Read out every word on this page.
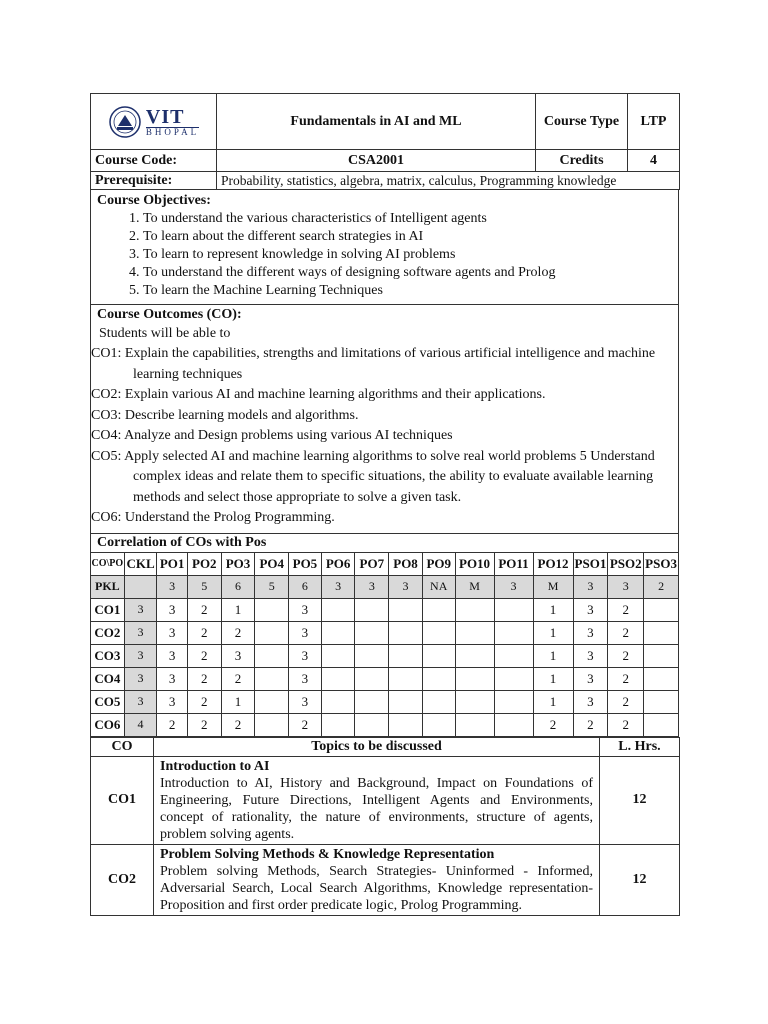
VIT
BHOPAL	Fundamentals in AI and ML	Course Type	LTP
Course Code:	CSA2001	Credits	4
Prerequisite:	Probability, statistics, algebra, matrix, calculus, Programming knowledge		
Course Objectives:
1. To understand the various characteristics of Intelligent agents
2. To learn about the different search strategies in AI
3. To learn to represent knowledge in solving AI problems
4. To understand the different ways of designing software agents and Prolog
5. To learn the Machine Learning Techniques
Course Outcomes (CO):
Students will be able to
CO1: Explain the capabilities, strengths and limitations of various artificial intelligence and machine learning techniques
CO2: Explain various AI and machine learning algorithms and their applications.
CO3: Describe learning models and algorithms.
CO4: Analyze and Design problems using various AI techniques
CO5: Apply selected AI and machine learning algorithms to solve real world problems 5 Understand complex ideas and relate them to specific situations, the ability to evaluate available learning methods and select those appropriate to solve a given task.
CO6: Understand the Prolog Programming.
Correlation of COs with Pos
CO\PO	CKL	PO1	PO2	PO3	PO4	PO5	PO6	PO7	PO8	PO9	PO10	PO11	PO12	PSO1	PSO2	PSO3
PKL		3	5	6	5	6	3	3	3	NA	M	3	M	3	3	2
CO1	3	3	2	1		3							1	3	2	
CO2	3	3	2	2		3							1	3	2	
CO3	3	3	2	3		3							1	3	2	
CO4	3	3	2	2		3							1	3	2	
CO5	3	3	2	1		3							1	3	2	
CO6	4	2	2	2		2							2	2	2	
CO	Topics to be discussed	L. Hrs.
CO1	Introduction to AI
Introduction to AI, History and Background, Impact on Foundations of Engineering, Future Directions, Intelligent Agents and Environments, concept of rationality, the nature of environments, structure of agents, problem solving agents.	12
CO2	Problem Solving Methods & Knowledge Representation
Problem solving Methods, Search Strategies- Uninformed - Informed, Adversarial Search, Local Search Algorithms, Knowledge representation- Proposition and first order predicate logic, Prolog Programming.	12
